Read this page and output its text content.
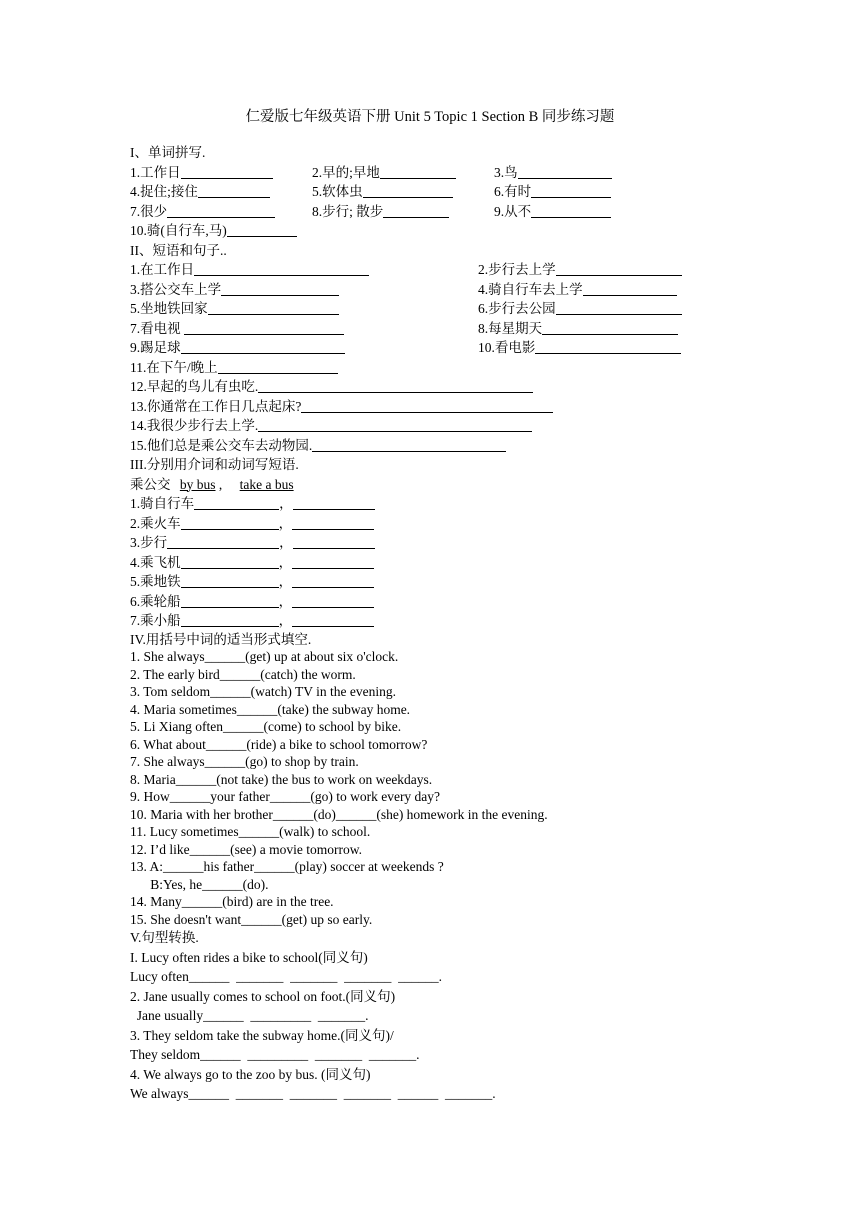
仁爱版七年级英语下册 Unit 5 Topic 1 Section B 同步练习题
I、单词拼写.
1.工作日	2.早的;早地	3.鸟
4.捉住;接住	5.软体虫	6.有时
7.很少	8.步行; 散步	9.从不
10.骑(自行车,马)
II、短语和句子..
1.在工作日	2.步行去上学
3.搭公交车上学	4.骑自行车去上学
5.坐地铁回家	6.步行去公园
7.看电视	8.每星期天
9.踢足球	10.看电影
11.在下午/晚上
12.早起的鸟儿有虫吃.
13.你通常在工作日几点起床?
14.我很少步行去上学.
15.他们总是乘公交车去动物园.
III.分别用介词和动词写短语.
乘公交 by bus , take a bus
1.骑自行车	，
2.乘火车	，
3.步行	，
4.乘飞机	，
5.乘地铁	，
6.乘轮船	，
7.乘小船	，
IV.用括号中词的适当形式填空.
1. She always______(get) up at about six o'clock.
2. The early bird______(catch) the worm.
3. Tom seldom______(watch) TV in the evening.
4. Maria sometimes______(take) the subway home.
5. Li Xiang often______(come) to school by bike.
6. What about______(ride) a bike to school tomorrow?
7. She always______(go) to shop by train.
8. Maria______(not take) the bus to work on weekdays.
9. How______your father______(go) to work every day?
10. Maria with her brother______(do)______(she) homework in the evening.
11. Lucy sometimes______(walk) to school.
12. I’d like______(see) a movie tomorrow.
13. A:______his father______(play) soccer at weekends ?
B:Yes, he______(do).
14. Many______(bird) are in the tree.
15. She doesn't want______(get) up so early.
V.句型转换.
I. Lucy often rides a bike to school(同义句)
Lucy often______  _______  _______  _______  ______.
2. Jane usually comes to school on foot.(同义句)
Jane usually______  _________  _______.
3. They seldom take the subway home.(同义句)/
They seldom______  _________  _______  _______.
4. We always go to the zoo by bus. (同义句)
We always______  _______  _______  _______  ______  _______.
